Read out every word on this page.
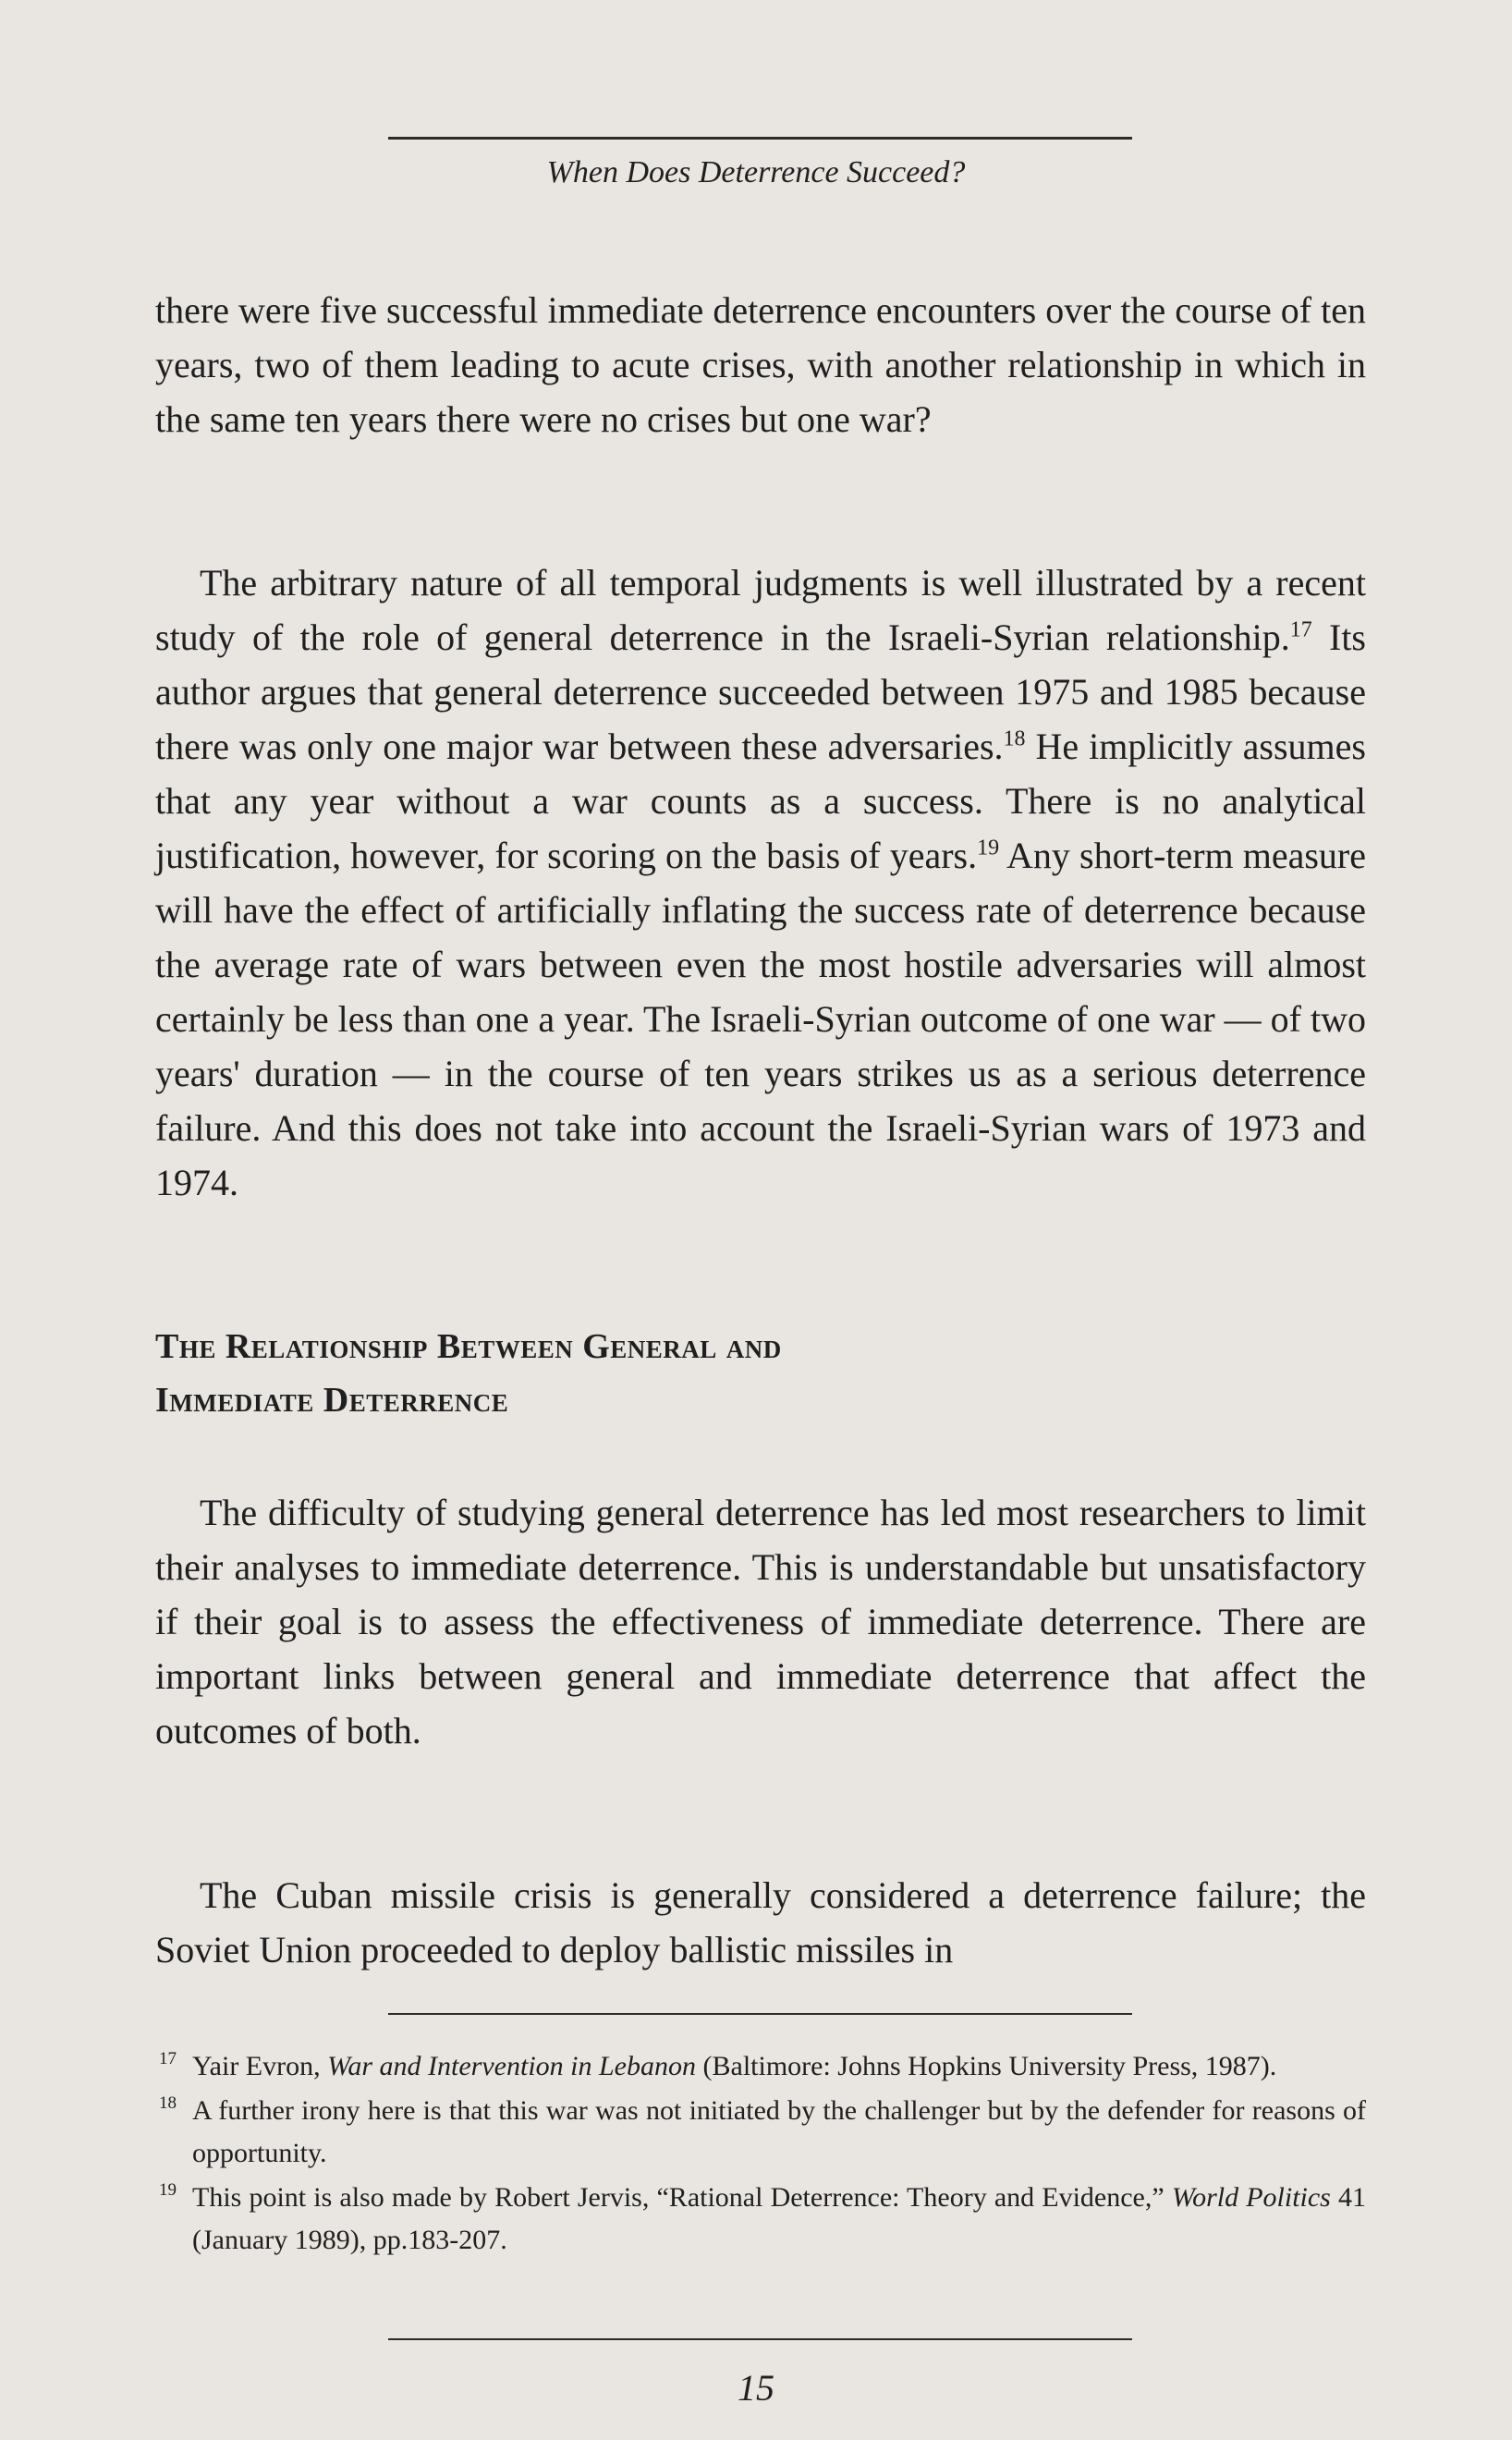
When Does Deterrence Succeed?

there were five successful immediate deterrence encounters over the course of ten years, two of them leading to acute crises, with another relationship in which in the same ten years there were no crises but one war?

The arbitrary nature of all temporal judgments is well illustrated by a recent study of the role of general deterrence in the Israeli-Syrian relationship.$^{17}$ Its author argues that general deterrence succeeded between 1975 and 1985 because there was only one major war between these adversaries.$^{18}$ He implicitly assumes that any year without a war counts as a success. There is no analytical justification, however, for scoring on the basis of years.$^{19}$ Any short-term measure will have the effect of artificially inflating the success rate of deterrence because the average rate of wars between even the most hostile adversaries will almost certainly be less than one a year. The Israeli-Syrian outcome of one war — of two years' duration — in the course of ten years strikes us as a serious deterrence failure. And this does not take into account the Israeli-Syrian wars of 1973 and 1974.

The Relationship Between General and
Immediate Deterrence

The difficulty of studying general deterrence has led most researchers to limit their analyses to immediate deterrence. This is understandable but unsatisfactory if their goal is to assess the effectiveness of immediate deterrence. There are important links between general and immediate deterrence that affect the outcomes of both.

The Cuban missile crisis is generally considered a deterrence failure; the Soviet Union proceeded to deploy ballistic missiles in

17 Yair Evron, War and Intervention in Lebanon (Baltimore: Johns Hopkins University Press, 1987).
18 A further irony here is that this war was not initiated by the challenger but by the defender for reasons of opportunity.
19 This point is also made by Robert Jervis, “Rational Deterrence: Theory and Evidence,” World Politics 41 (January 1989), pp.183-207.
15
